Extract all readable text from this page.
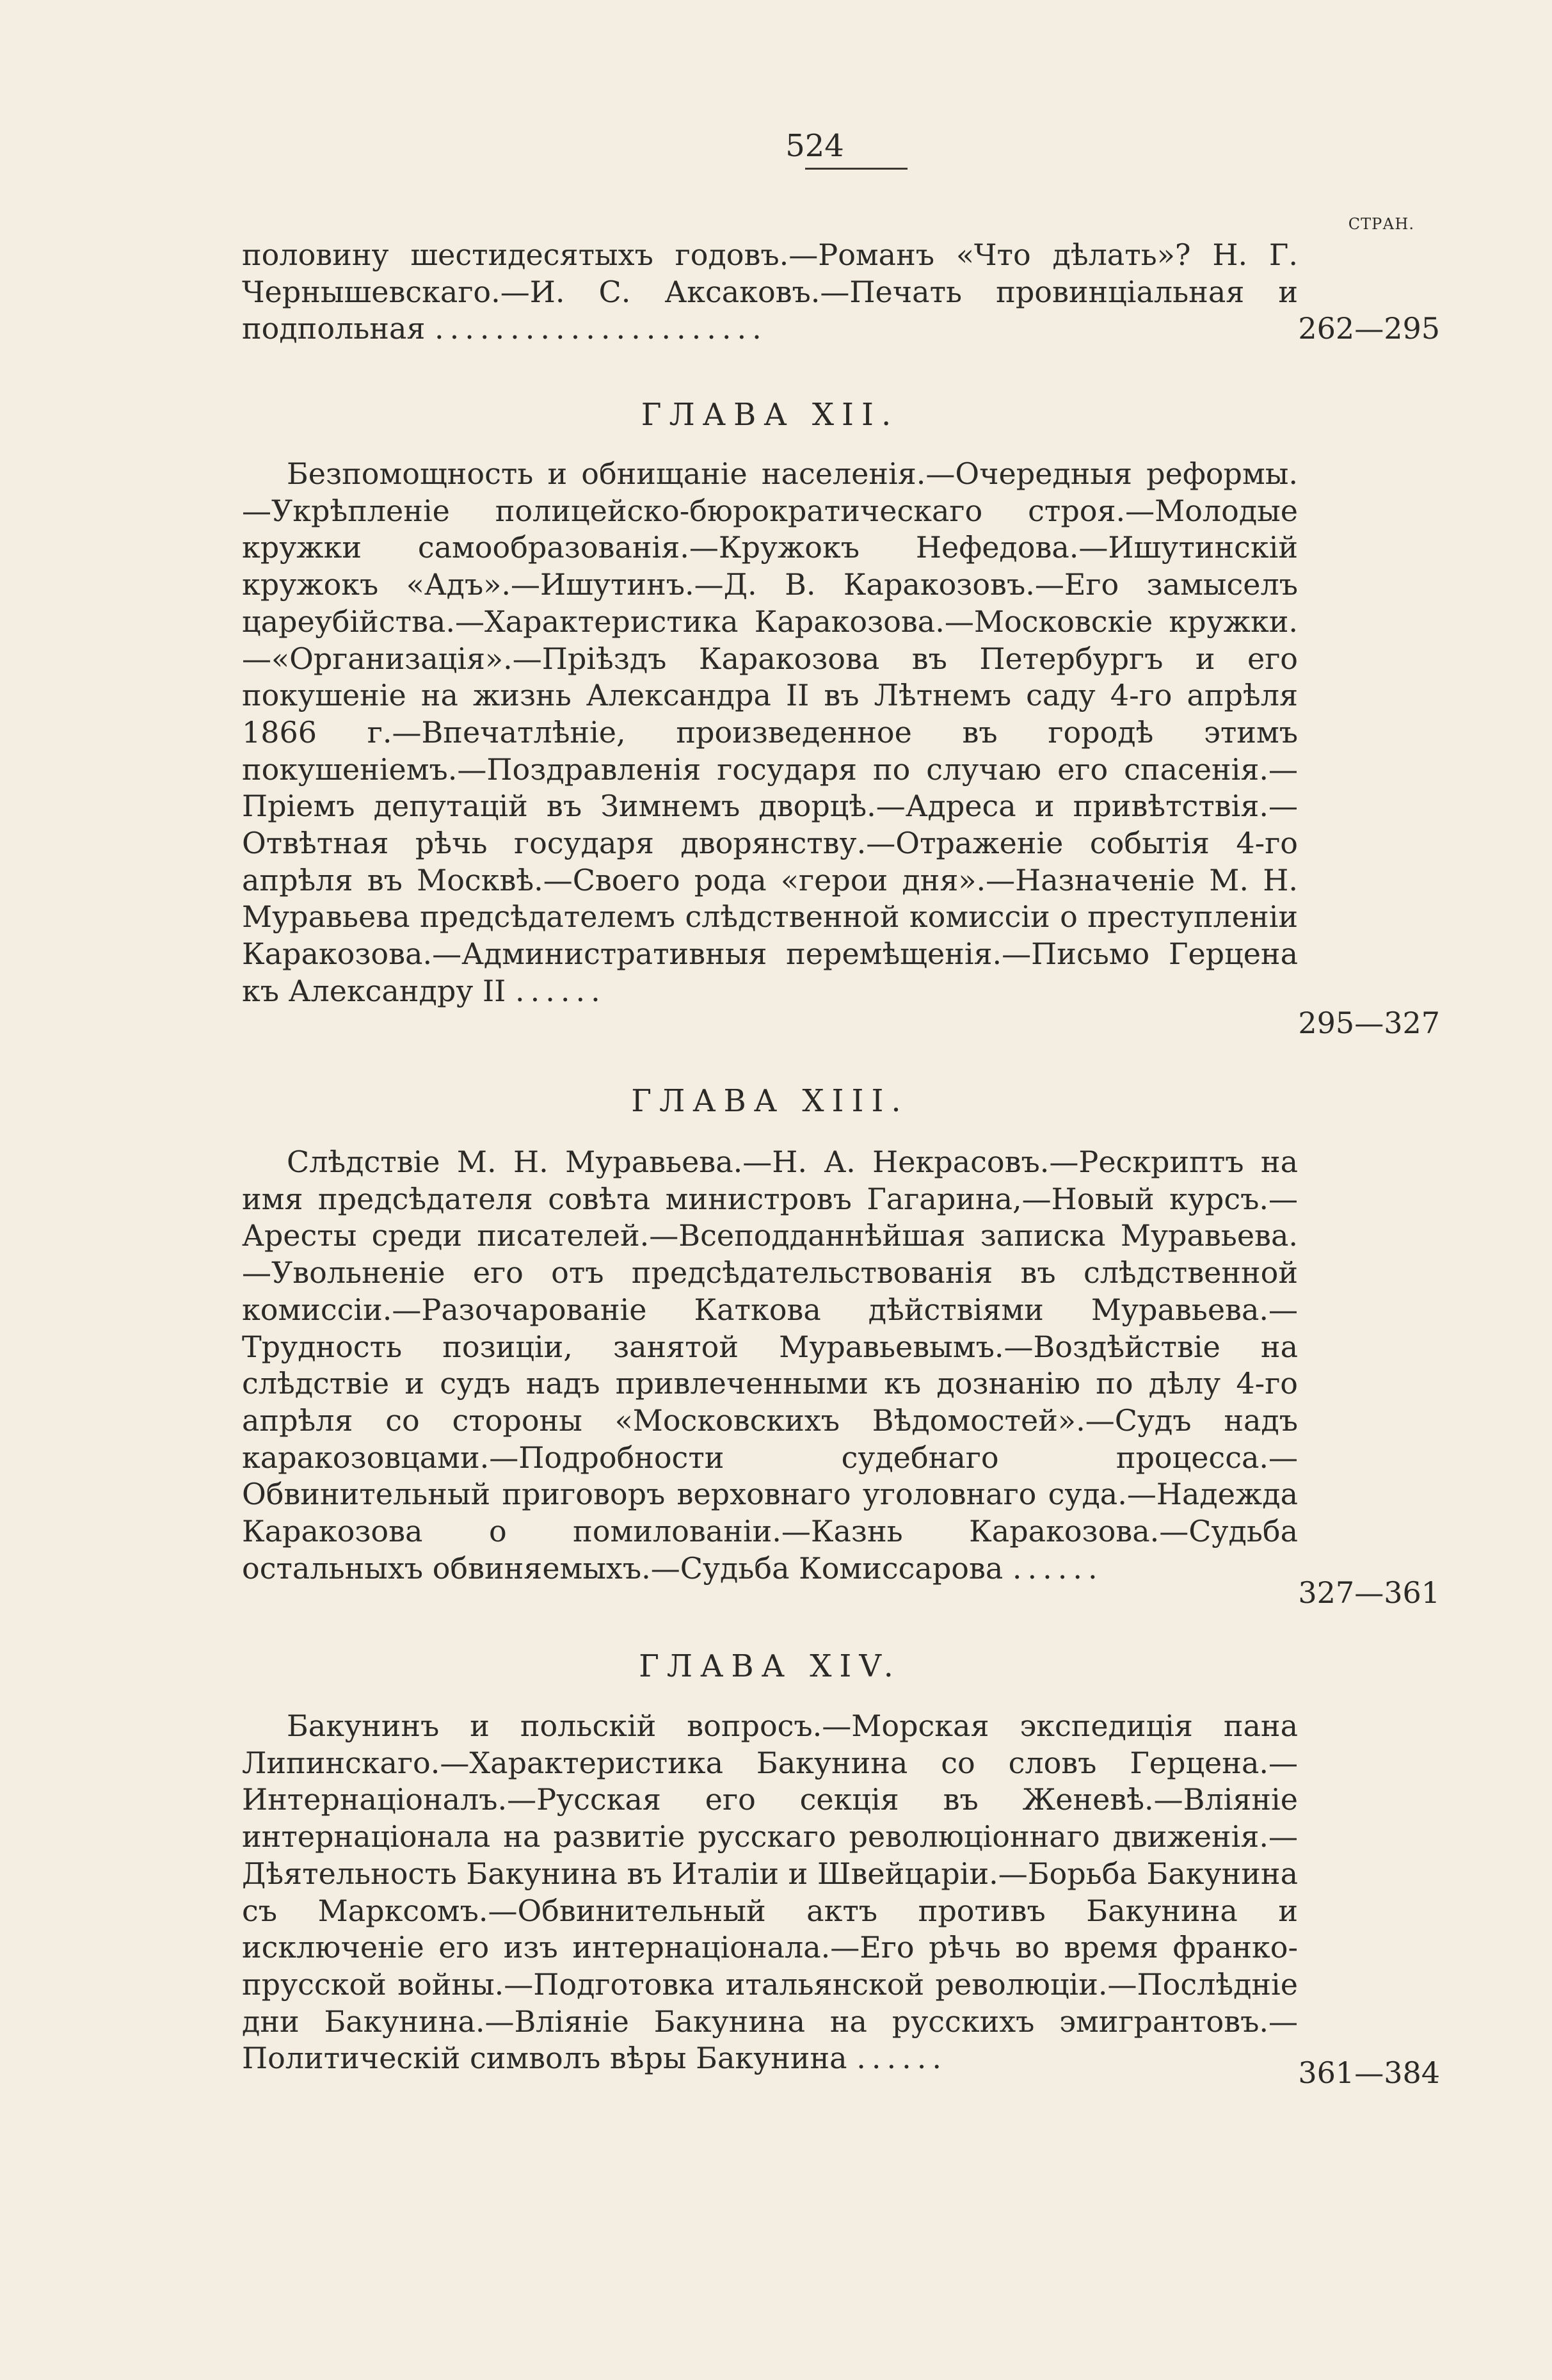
524
СТРАН.

половину шестидесятыхъ годовъ.—Романъ «Что дѣлать»? Н. Г. Чернышевскаго.—И. С. Аксаковъ.—Печать провинціальная и подпольная ......................	262—295
ГЛАВА XII.

Безпомощность и обнищаніе населенія.—Очередныя реформы.—Укрѣпленіе полицейско-бюрократическаго строя.—Молодые кружки самообразованія.—Кружокъ Нефедова.—Ишутинскій кружокъ «Адъ».—Ишутинъ.—Д. В. Каракозовъ.—Его замыселъ цареубійства.—Характеристика Каракозова.—Московскіе кружки.—«Организація».—Пріѣздъ Каракозова въ Петербургъ и его покушеніе на жизнь Александра II въ Лѣтнемъ саду 4-го апрѣля 1866 г.—Впечатлѣніе, произведенное въ городѣ этимъ покушеніемъ.—Поздравленія государя по случаю его спасенія.—Пріемъ депутацій въ Зимнемъ дворцѣ.—Адреса и привѣтствія.—Отвѣтная рѣчь государя дворянству.—Отраженіе событія 4-го апрѣля въ Москвѣ.—Своего рода «герои дня».—Назначеніе М. Н. Муравьева предсѣдателемъ слѣдственной комиссіи о преступленіи Каракозова.—Административныя перемѣщенія.—Письмо Герцена къ Александру II ......

295—327
ГЛАВА XIII.

Слѣдствіе М. Н. Муравьева.—Н. А. Некрасовъ.—Рескриптъ на имя предсѣдателя совѣта министровъ Гагарина,—Новый курсъ.—Аресты среди писателей.—Всеподданнѣйшая записка Муравьева.—Увольненіе его отъ предсѣдательствованія въ слѣдственной комиссіи.—Разочарованіе Каткова дѣйствіями Муравьева.—Трудность позиціи, занятой Муравьевымъ.—Воздѣйствіе на слѣдствіе и судъ надъ привлеченными къ дознанію по дѣлу 4-го апрѣля со стороны «Московскихъ Вѣдомостей».—Судъ надъ каракозовцами.—Подробности судебнаго процесса.—Обвинительный приговоръ верховнаго уголовнаго суда.—Надежда Каракозова о помилованіи.—Казнь Каракозова.—Судьба остальныхъ обвиняемыхъ.—Судьба Комиссарова ......

327—361
ГЛАВА XIV.

Бакунинъ и польскій вопросъ.—Морская экспедиція пана Липинскаго.—Характеристика Бакунина со словъ Герцена.—Интернаціоналъ.—Русская его секція въ Женевѣ.—Вліяніе интернаціонала на развитіе русскаго революціоннаго движенія.—Дѣятельность Бакунина въ Италіи и Швейцаріи.—Борьба Бакунина съ Марксомъ.—Обвинительный актъ противъ Бакунина и исключеніе его изъ интернаціонала.—Его рѣчь во время франко-прусской войны.—Подготовка итальянской революціи.—Послѣдніе дни Бакунина.—Вліяніе Бакунина на русскихъ эмигрантовъ.—Политическій символъ вѣры Бакунина ......	361—384
